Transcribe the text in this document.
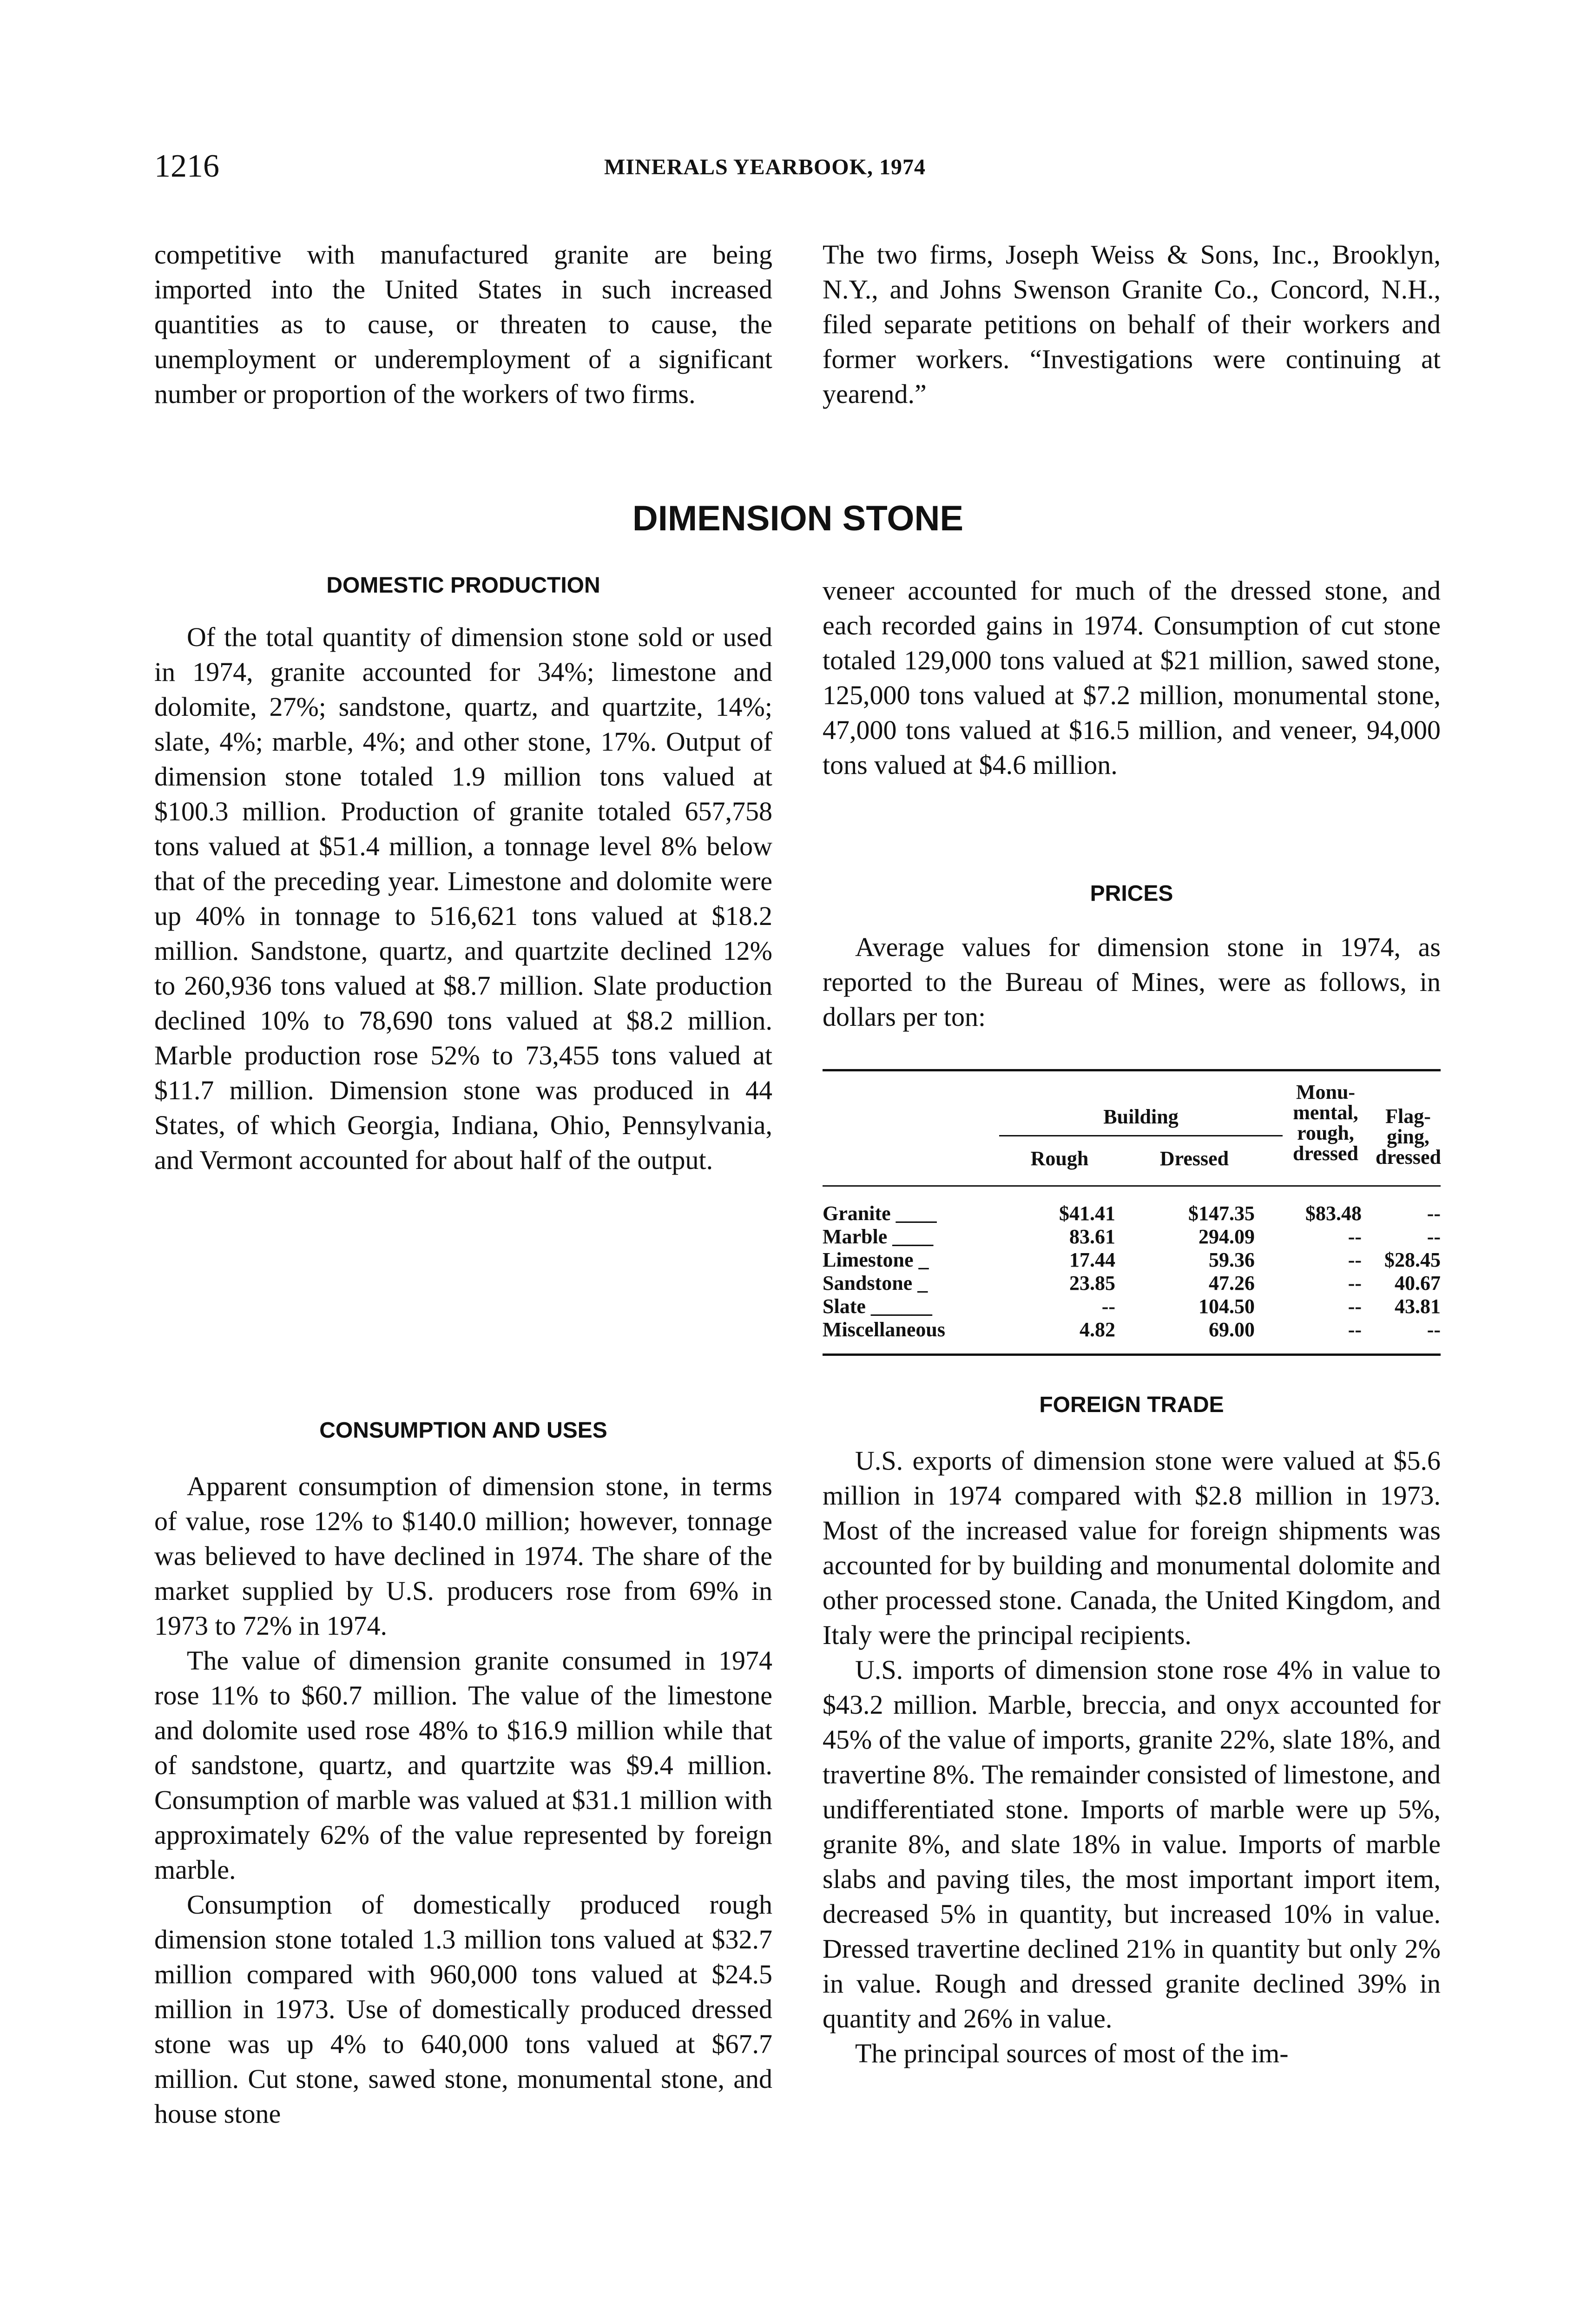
1216	MINERALS YEARBOOK, 1974

competitive with manufactured granite are being imported into the United States in such increased quantities as to cause, or threaten to cause, the unemployment or underemployment of a significant number or proportion of the workers of two firms.

The two firms, Joseph Weiss & Sons, Inc., Brooklyn, N.Y., and Johns Swenson Granite Co., Concord, N.H., filed separate petitions on behalf of their workers and former workers. “Investigations were continuing at yearend.”

DIMENSION STONE
DOMESTIC PRODUCTION

Of the total quantity of dimension stone sold or used in 1974, granite accounted for 34%; limestone and dolomite, 27%; sandstone, quartz, and quartzite, 14%; slate, 4%; marble, 4%; and other stone, 17%. Output of dimension stone totaled 1.9 million tons valued at $100.3 million. Production of granite totaled 657,758 tons valued at $51.4 million, a tonnage level 8% below that of the preceding year. Limestone and dolomite were up 40% in tonnage to 516,621 tons valued at $18.2 million. Sandstone, quartz, and quartzite declined 12% to 260,936 tons valued at $8.7 million. Slate production declined 10% to 78,690 tons valued at $8.2 million. Marble production rose 52% to 73,455 tons valued at $11.7 million. Dimension stone was produced in 44 States, of which Georgia, Indiana, Ohio, Pennsylvania, and Vermont accounted for about half of the output.

CONSUMPTION AND USES

Apparent consumption of dimension stone, in terms of value, rose 12% to $140.0 million; however, tonnage was believed to have declined in 1974. The share of the market supplied by U.S. producers rose from 69% in 1973 to 72% in 1974.

The value of dimension granite consumed in 1974 rose 11% to $60.7 million. The value of the limestone and dolomite used rose 48% to $16.9 million while that of sandstone, quartz, and quartzite was $9.4 million. Consumption of marble was valued at $31.1 million with approximately 62% of the value represented by foreign marble.

Consumption of domestically produced rough dimension stone totaled 1.3 million tons valued at $32.7 million compared with 960,000 tons valued at $24.5 million in 1973. Use of domestically produced dressed stone was up 4% to 640,000 tons valued at $67.7 million. Cut stone, sawed stone, monumental stone, and house stone

veneer accounted for much of the dressed stone, and each recorded gains in 1974. Consumption of cut stone totaled 129,000 tons valued at $21 million, sawed stone, 125,000 tons valued at $7.2 million, monumental stone, 47,000 tons valued at $16.5 million, and veneer, 94,000 tons valued at $4.6 million.

PRICES

Average values for dimension stone in 1974, as reported to the Bureau of Mines, were as follows, in dollars per ton:

Building
Rough	Dressed
Monu-
mental,
rough,
dressed
Flag-
ging,
dressed
Granite ____	$41.41	$147.35	$83.48	--
Marble ____	83.61	294.09	--	--
Limestone _	17.44	59.36	--	$28.45
Sandstone _	23.85	47.26	--	40.67
Slate ______	--	104.50	--	43.81
Miscellaneous	4.82	69.00	--	--
FOREIGN TRADE

U.S. exports of dimension stone were valued at $5.6 million in 1974 compared with $2.8 million in 1973. Most of the increased value for foreign shipments was accounted for by building and monumental dolomite and other processed stone. Canada, the United Kingdom, and Italy were the principal recipients.

U.S. imports of dimension stone rose 4% in value to $43.2 million. Marble, breccia, and onyx accounted for 45% of the value of imports, granite 22%, slate 18%, and travertine 8%. The remainder consisted of limestone, and undifferentiated stone. Imports of marble were up 5%, granite 8%, and slate 18% in value. Imports of marble slabs and paving tiles, the most important import item, decreased 5% in quantity, but increased 10% in value. Dressed travertine declined 21% in quantity but only 2% in value. Rough and dressed granite declined 39% in quantity and 26% in value.

The principal sources of most of the im-
